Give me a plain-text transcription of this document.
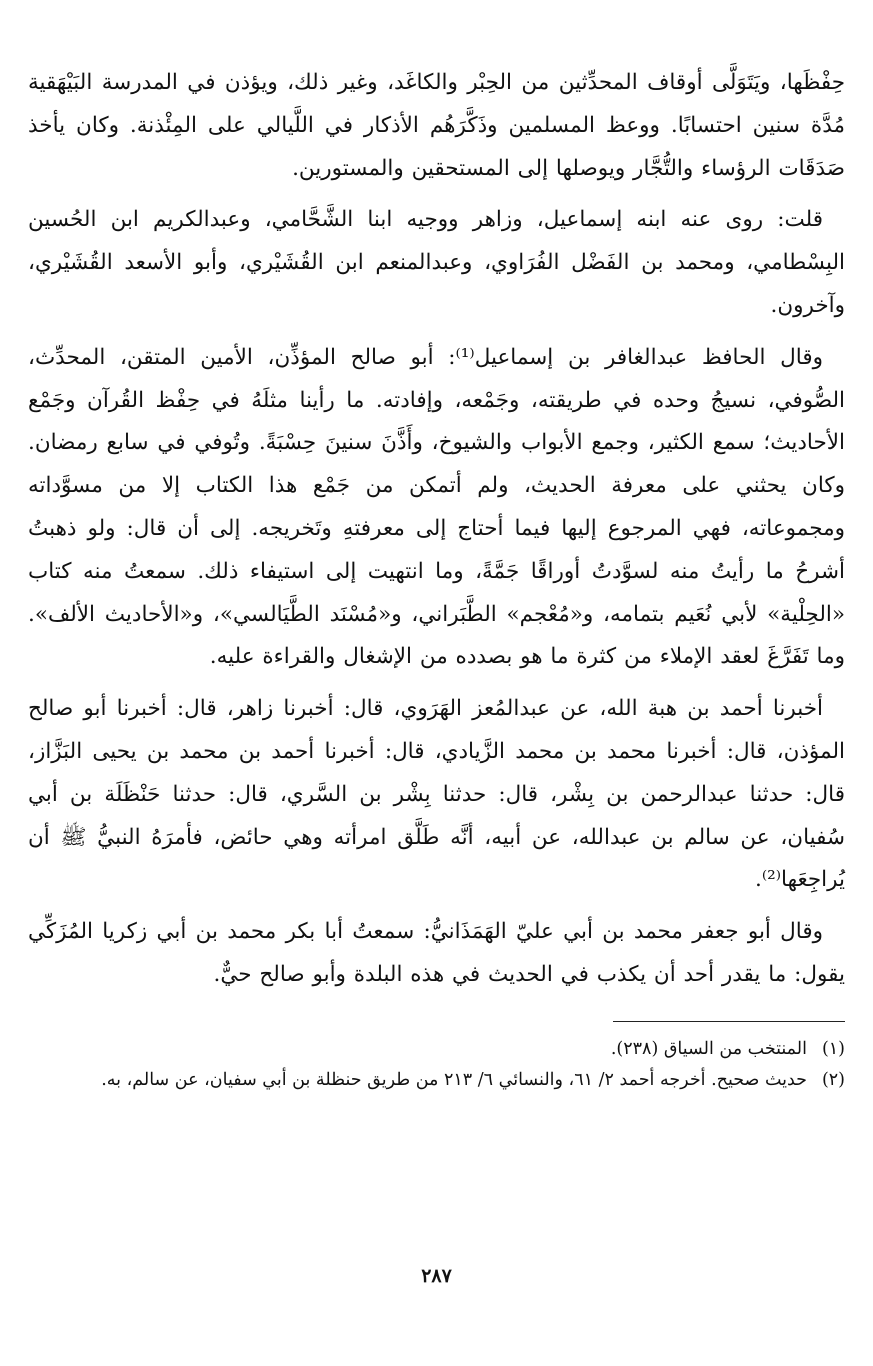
حِفْظَها، ويَتَوَلَّى أوقاف المحدِّثين من الحِبْر والكاغَد، وغير ذلك، ويؤذن في المدرسة البَيْهَقية مُدَّة سنين احتسابًا. ووعظ المسلمين وذَكَّرَهُم الأذكار في اللَّيالي على المِئْذنة. وكان يأخذ صَدَقَات الرؤساء والتُّجَّار ويوصلها إلى المستحقين والمستورين.

قلت: روى عنه ابنه إسماعيل، وزاهر ووجيه ابنا الشَّحَّامي، وعبدالكريم ابن الحُسين البِسْطامي، ومحمد بن الفَضْل الفُرَاوي، وعبدالمنعم ابن القُشَيْري، وأبو الأسعد القُشَيْري، وآخرون.

وقال الحافظ عبدالغافر بن إسماعيل⁽¹⁾: أبو صالح المؤذِّن، الأمين المتقن، المحدِّث، الصُّوفي، نسيجُ وحده في طريقته، وجَمْعه، وإفادته. ما رأينا مثلَهُ في حِفْظ القُرآن وجَمْع الأحاديث؛ سمع الكثير، وجمع الأبواب والشيوخ، وأَذَّنَ سنينَ حِسْبَةً. وتُوفي في سابع رمضان. وكان يحثني على معرفة الحديث، ولم أتمكن من جَمْع هذا الكتاب إلا من مسوَّداته ومجموعاته، فهي المرجوع إليها فيما أحتاج إلى معرفتهِ وتَخريجه. إلى أن قال: ولو ذهبتُ أشرحُ ما رأيتُ منه لسوَّدتُ أوراقًا جَمَّةً، وما انتهيت إلى استيفاء ذلك. سمعتُ منه كتاب «الحِلْية» لأبي نُعَيم بتمامه، و«مُعْجم» الطَّبَراني، و«مُسْنَد الطَّيَالسي»، و«الأحاديث الألف». وما تَفَرَّغَ لعقد الإملاء من كثرة ما هو بصدده من الإشغال والقراءة عليه.

أخبرنا أحمد بن هبة الله، عن عبدالمُعز الهَرَوي، قال: أخبرنا زاهر، قال: أخبرنا أبو صالح المؤذن، قال: أخبرنا محمد بن محمد الزَّيادي، قال: أخبرنا أحمد بن محمد بن يحيى البَزَّاز، قال: حدثنا عبدالرحمن بن بِشْر، قال: حدثنا بِشْر بن السَّري، قال: حدثنا حَنْظَلَة بن أبي سُفيان، عن سالم بن عبدالله، عن أبيه، أنَّه طَلَّق امرأته وهي حائض، فأمرَهُ النبيُّ ﷺ أن يُراجِعَها⁽²⁾.

وقال أبو جعفر محمد بن أبي عليّ الهَمَذَانيُّ: سمعتُ أبا بكر محمد بن أبي زكريا المُزَكِّي يقول: ما يقدر أحد أن يكذب في الحديث في هذه البلدة وأبو صالح حيٌّ.

(١)
المنتخب من السياق (٢٣٨).
(٢)
حديث صحيح. أخرجه أحمد ٢/ ٦١، والنسائي ٦/ ٢١٣ من طريق حنظلة بن أبي سفيان، عن سالم، به.
٢٨٧
